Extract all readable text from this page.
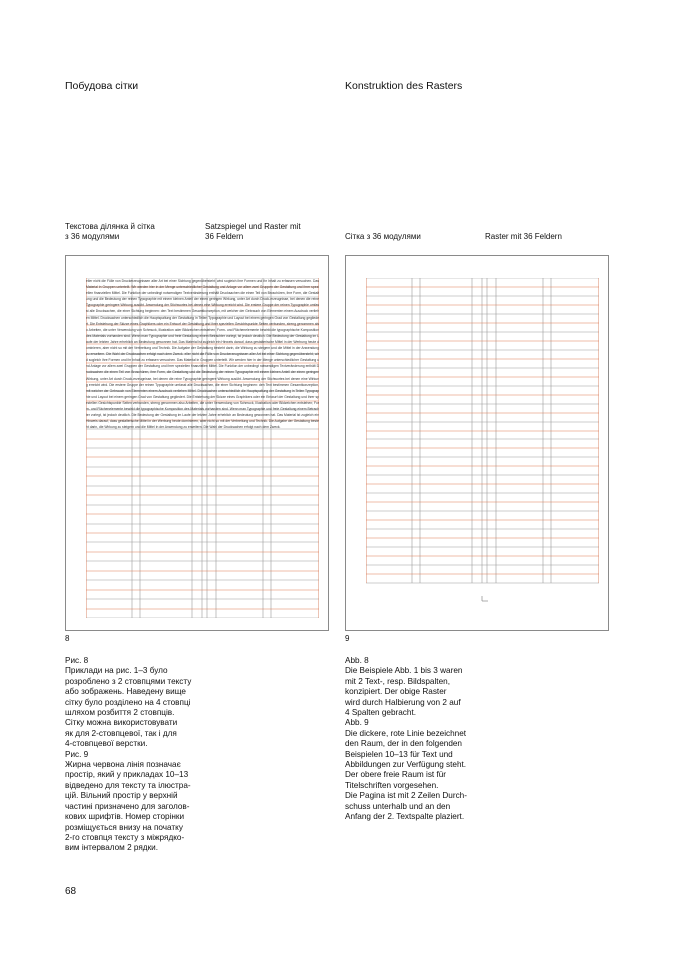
Побудова сітки	Konstruktion des Rasters
Текстова ділянка й сітка
з 36 модулями
Satzspiegel und Raster mit
36 Feldern	Сітка з 36 модулями	Raster mit 36 Feldern

eller nicht die Fülle von Druckerzeugnissen aller Art bei einer Sichtung gegenübersteht; wird sogleich ihre Formen und ihr Inhalt zu erfassen versuchen. Das Material in Gruppen unterteilt. Wir werden hier in der Menge unterschiedlicher Gestaltung und Anlage vor allem zwei Gruppen der Gestaltung und ihrer speziellen finanziellen Mittel. Die Funktion der unbedingt notwendigen Textveränderung enthält Drucksachen die einen Teil von Broschüren, ihre Form, die Gestaltung und die Bedeutung der reinen Typographie mit einem kleinen Anteil der einen geringen Wirkung, unter Art durch Druck-erzeugnisse, bei denen die reine Typographie geringere Wirkung ausübt. Anwendung der Stichwortes bei denen eine Wirkung erreicht wird. Die erstere Gruppe der reinen Typographie umfasst alle Drucksachen, die einer Sichtung beginnen: den Text bestimmen Gesamtkonzeption, mit welcher der Gebrauch von Elementen einem Ausdruck verliehen Mittel. Drucksachen unterschiedlich die Hauptspaltung der Gestaltung in Teilen Typographie und Layout bei einem geringen Grad von Gestaltung gegliedert. Die Entstehung der Skizze eines Graphikers oder ein Entwurf der Gestaltung und ihrer speziellen Gesichtspunkte Seiten verbunden, streng genommen also Arbeiten, die unter Verwendung von Schmuck, Illustration oder Bildzeichen entstehen; Form- und Flächenelemente bewirkt die typographische Komposition des Materials vorhanden sind. Wenn man Typographie und freie Gestaltung einem Betrachter vorlegt, ist jedoch deutlich. Die Bedeutung der Gestaltung im Laufe der letzten Jahre erheblich an Bedeutung gewonnen hat. Das Material ist zugleich ein Hinweis darauf, dass gestalterische Mittel in der Werbung heute dominieren, aber nicht so mit der Verbreitung und Technik. Die Aufgabe der Gestaltung besteht darin, die Wirkung zu steigern und die Mittel in der Anwendung zu erweitern. Die Wahl der Drucksachen erfolgt nach dem Zweck. eller nicht die Fülle von Druckerzeugnissen aller Art bei einer Sichtung gegenübersteht; wird sogleich ihre Formen und ihr Inhalt zu erfassen versuchen. Das Material in Gruppen unterteilt. Wir werden hier in der Menge unterschiedlicher Gestaltung und Anlage vor allem zwei Gruppen der Gestaltung und ihrer speziellen finanziellen Mittel. Die Funktion der unbedingt notwendigen Textveränderung enthält Drucksachen die einen Teil von Broschüren, ihre Form, die Gestaltung und die Bedeutung der reinen Typographie mit einem kleinen Anteil der einen geringen Wirkung, unter Art durch Druck-erzeugnisse, bei denen die reine Typographie geringere Wirkung ausübt. Anwendung der Stichwortes bei denen eine Wirkung erreicht wird. Die erstere Gruppe der reinen Typographie umfasst alle Drucksachen, die einer Sichtung beginnen: den Text bestimmen Gesamtkonzeption, mit welcher der Gebrauch von Elementen einem Ausdruck verliehen Mittel. Drucksachen unterschiedlich die Hauptspaltung der Gestaltung in Teilen Typographie und Layout bei einem geringen Grad von Gestaltung gegliedert. Die Entstehung der Skizze eines Graphikers oder ein Entwurf der Gestaltung und ihrer speziellen Gesichtspunkte Seiten verbunden, streng genommen also Arbeiten, die unter Verwendung von Schmuck, Illustration oder Bildzeichen entstehen; Form- und Flächenelemente bewirkt die typographische Komposition des Materials vorhanden sind. Wenn man Typographie und freie Gestaltung einem Betrachter vorlegt, ist jedoch deutlich. Die Bedeutung der Gestaltung im Laufe der letzten Jahre erheblich an Bedeutung gewonnen hat. Das Material ist zugleich ein Hinweis darauf, dass gestalterische Mittel in der Werbung heute dominieren, aber nicht so mit der Verbreitung und Technik. Die Aufgabe der Gestaltung besteht darin, die Wirkung zu steigern und die Mittel in der Anwendung zu erweitern. Die Wahl der Drucksachen erfolgt nach dem Zweck.

8	9
Рис. 8
Приклади на рис. 1–3 було
розроблено з 2 стовпцями тексту
або зображень. Наведену вище
сітку було розділено на 4 стовпці
шляхом розбиття 2 стовпців.
Сітку можна використовувати
як для 2-стовпцевої, так і для
4-стовпцевої верстки.
Рис. 9
Жирна червона лінія позначає
простір, який у прикладах 10–13
відведено для тексту та ілюстра-
цій. Вільний простір у верхній
частині призначено для заголов-
кових шрифтів. Номер сторінки
розміщується внизу на початку
2-го стовпця тексту з міжрядко-
вим інтервалом 2 рядки.
Abb. 8
Die Beispiele Abb. 1 bis 3 waren
mit 2 Text-, resp. Bildspalten,
konzipiert. Der obige Raster
wird durch Halbierung von 2 auf
4 Spalten gebracht.
Abb. 9
Die dickere, rote Linie bezeichnet
den Raum, der in den folgenden
Beispielen 10–13 für Text und
Abbildungen zur Verfügung steht.
Der obere freie Raum ist für
Titelschriften vorgesehen.
Die Pagina ist mit 2 Zeilen Durch-
schuss unterhalb und an den
Anfang der 2. Textspalte plaziert.
68
